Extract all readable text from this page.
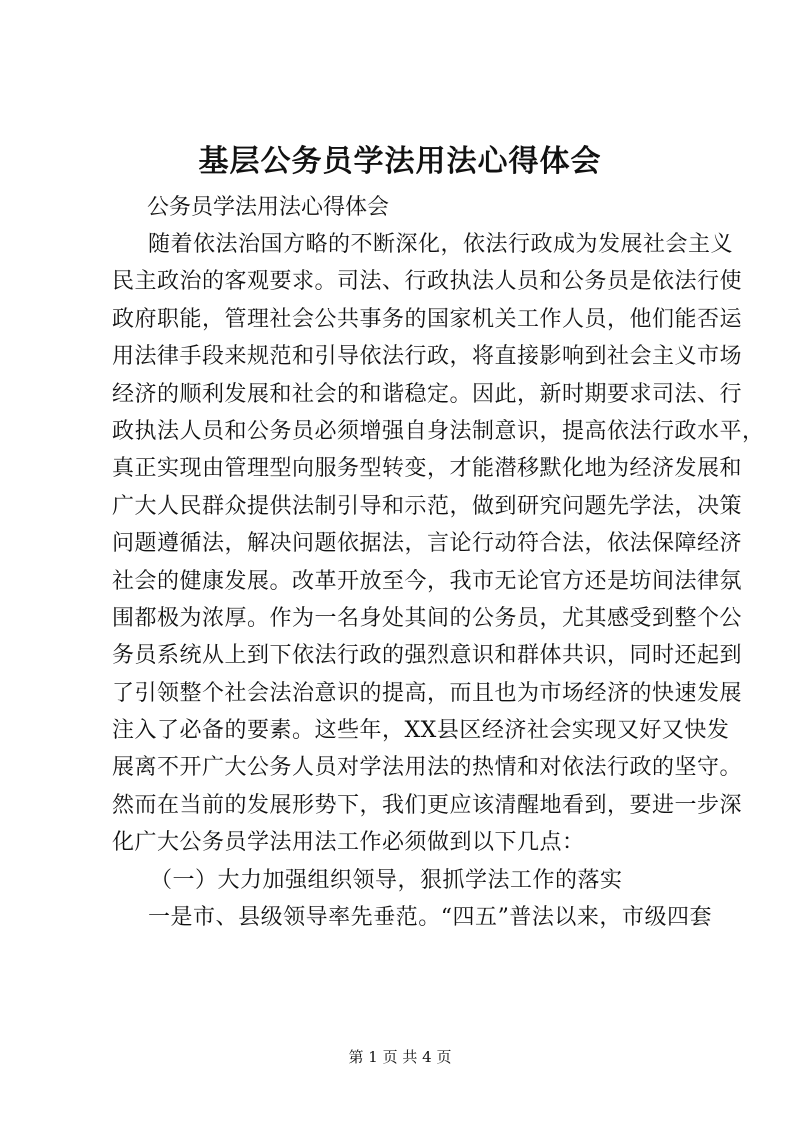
基层公务员学法用法心得体会
公务员学法用法心得体会
随着依法治国方略的不断深化，依法行政成为发展社会主义
民主政治的客观要求。司法、行政执法人员和公务员是依法行使
政府职能，管理社会公共事务的国家机关工作人员，他们能否运
用法律手段来规范和引导依法行政，将直接影响到社会主义市场
经济的顺利发展和社会的和谐稳定。因此，新时期要求司法、行
政执法人员和公务员必须增强自身法制意识，提高依法行政水平，
真正实现由管理型向服务型转变，才能潜移默化地为经济发展和
广大人民群众提供法制引导和示范，做到研究问题先学法，决策
问题遵循法，解决问题依据法，言论行动符合法，依法保障经济
社会的健康发展。改革开放至今，我市无论官方还是坊间法律氛
围都极为浓厚。作为一名身处其间的公务员，尤其感受到整个公
务员系统从上到下依法行政的强烈意识和群体共识，同时还起到
了引领整个社会法治意识的提高，而且也为市场经济的快速发展
注入了必备的要素。这些年，XX县区经济社会实现又好又快发
展离不开广大公务人员对学法用法的热情和对依法行政的坚守。
然而在当前的发展形势下，我们更应该清醒地看到，要进一步深
化广大公务员学法用法工作必须做到以下几点：
（一）大力加强组织领导，狠抓学法工作的落实
一是市、县级领导率先垂范。“四五”普法以来，市级四套
第 1 页 共 4 页
